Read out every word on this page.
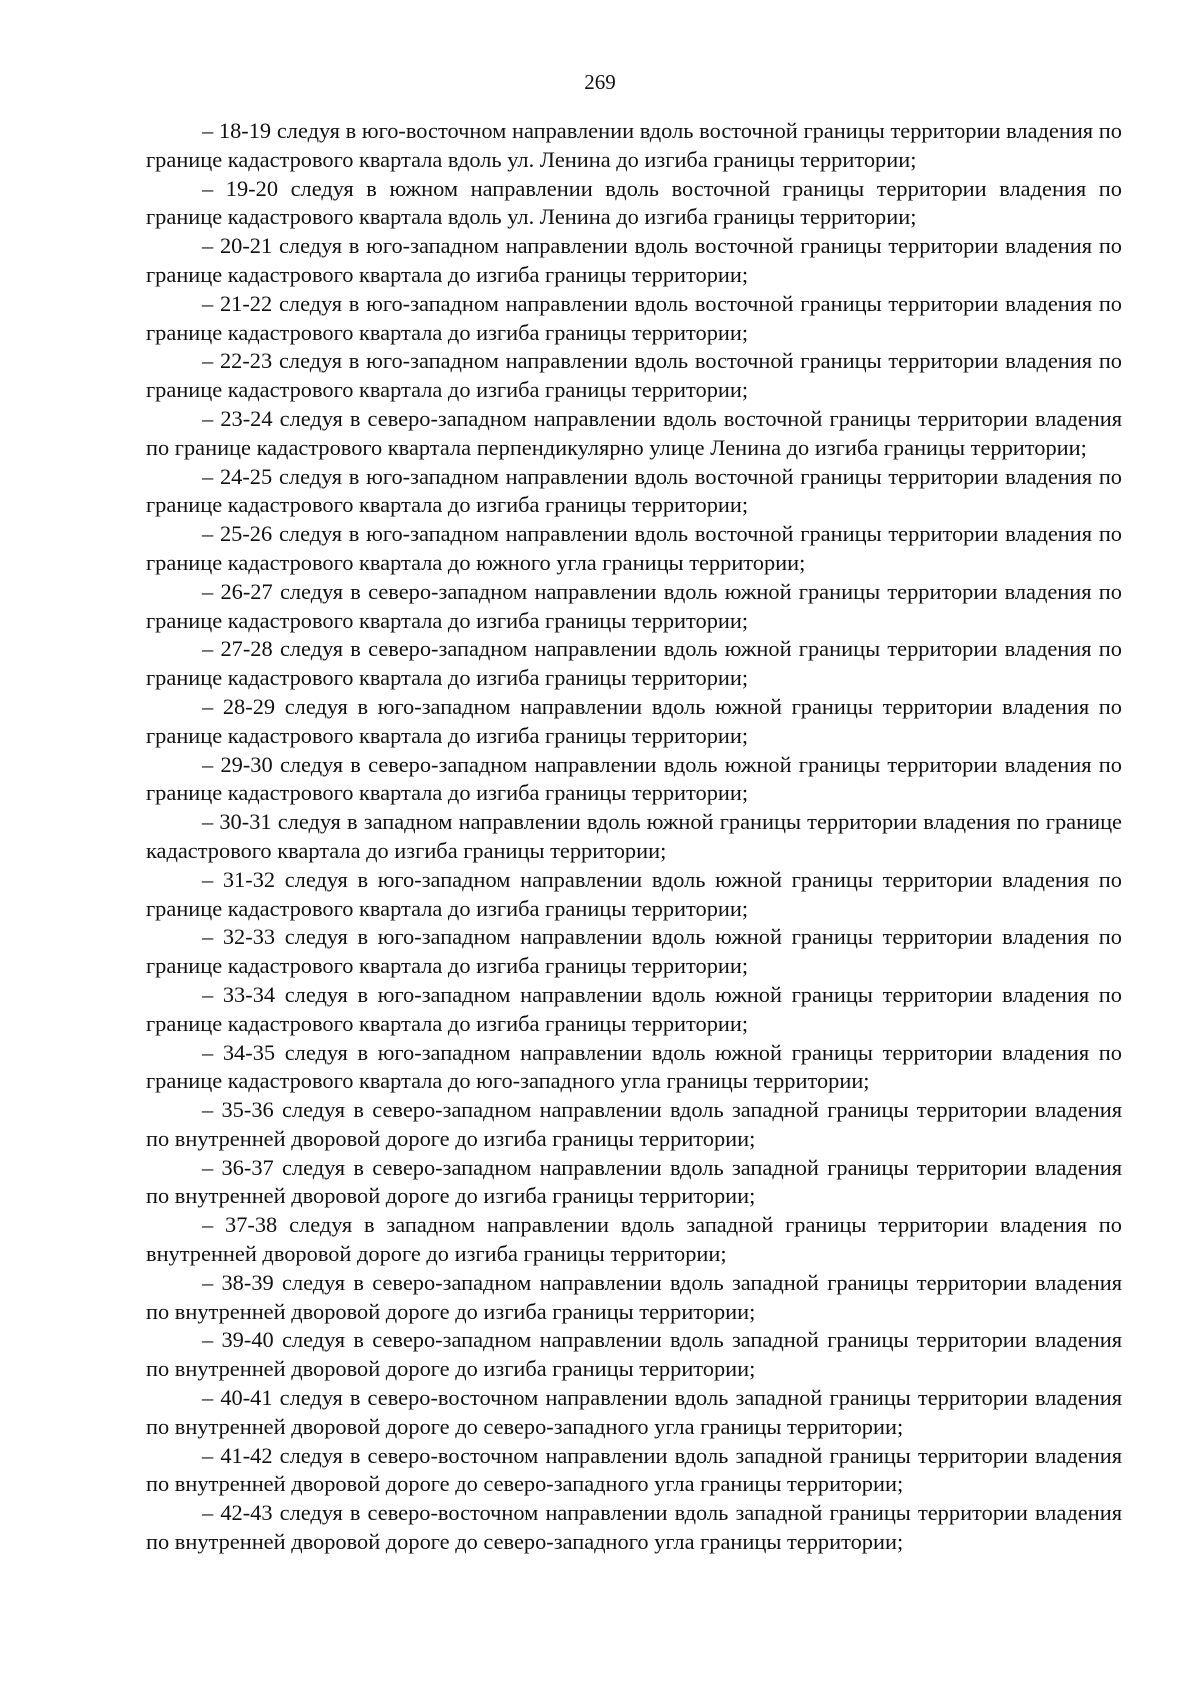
269

– 18-19 следуя в юго-восточном направлении вдоль восточной границы территории владения по границе кадастрового квартала вдоль ул. Ленина до изгиба границы территории;

– 19-20 следуя в южном направлении вдоль восточной границы территории владения по границе кадастрового квартала вдоль ул. Ленина до изгиба границы территории;

– 20-21 следуя в юго-западном направлении вдоль восточной границы территории владения по границе кадастрового квартала до изгиба границы территории;

– 21-22 следуя в юго-западном направлении вдоль восточной границы территории владения по границе кадастрового квартала до изгиба границы территории;

– 22-23 следуя в юго-западном направлении вдоль восточной границы территории владения по границе кадастрового квартала до изгиба границы территории;

– 23-24 следуя в северо-западном направлении вдоль восточной границы территории владения по границе кадастрового квартала перпендикулярно улице Ленина до изгиба границы территории;

– 24-25 следуя в юго-западном направлении вдоль восточной границы территории владения по границе кадастрового квартала до изгиба границы территории;

– 25-26 следуя в юго-западном направлении вдоль восточной границы территории владения по границе кадастрового квартала до южного угла границы территории;

– 26-27 следуя в северо-западном направлении вдоль южной границы территории владения по границе кадастрового квартала до изгиба границы территории;

– 27-28 следуя в северо-западном направлении вдоль южной границы территории владения по границе кадастрового квартала до изгиба границы территории;

– 28-29 следуя в юго-западном направлении вдоль южной границы территории владения по границе кадастрового квартала до изгиба границы территории;

– 29-30 следуя в северо-западном направлении вдоль южной границы территории владения по границе кадастрового квартала до изгиба границы территории;

– 30-31 следуя в западном направлении вдоль южной границы территории владения по границе кадастрового квартала до изгиба границы территории;

– 31-32 следуя в юго-западном направлении вдоль южной границы территории владения по границе кадастрового квартала до изгиба границы территории;

– 32-33 следуя в юго-западном направлении вдоль южной границы территории владения по границе кадастрового квартала до изгиба границы территории;

– 33-34 следуя в юго-западном направлении вдоль южной границы территории владения по границе кадастрового квартала до изгиба границы территории;

– 34-35 следуя в юго-западном направлении вдоль южной границы территории владения по границе кадастрового квартала до юго-западного угла границы территории;

– 35-36 следуя в северо-западном направлении вдоль западной границы территории владения по внутренней дворовой дороге до изгиба границы территории;

– 36-37 следуя в северо-западном направлении вдоль западной границы территории владения по внутренней дворовой дороге до изгиба границы территории;

– 37-38 следуя в западном направлении вдоль западной границы территории владения по внутренней дворовой дороге до изгиба границы территории;

– 38-39 следуя в северо-западном направлении вдоль западной границы территории владения по внутренней дворовой дороге до изгиба границы территории;

– 39-40 следуя в северо-западном направлении вдоль западной границы территории владения по внутренней дворовой дороге до изгиба границы территории;

– 40-41 следуя в северо-восточном направлении вдоль западной границы территории владения по внутренней дворовой дороге до северо-западного угла границы территории;

– 41-42 следуя в северо-восточном направлении вдоль западной границы территории владения по внутренней дворовой дороге до северо-западного угла границы территории;

– 42-43 следуя в северо-восточном направлении вдоль западной границы территории владения по внутренней дворовой дороге до северо-западного угла границы территории;
